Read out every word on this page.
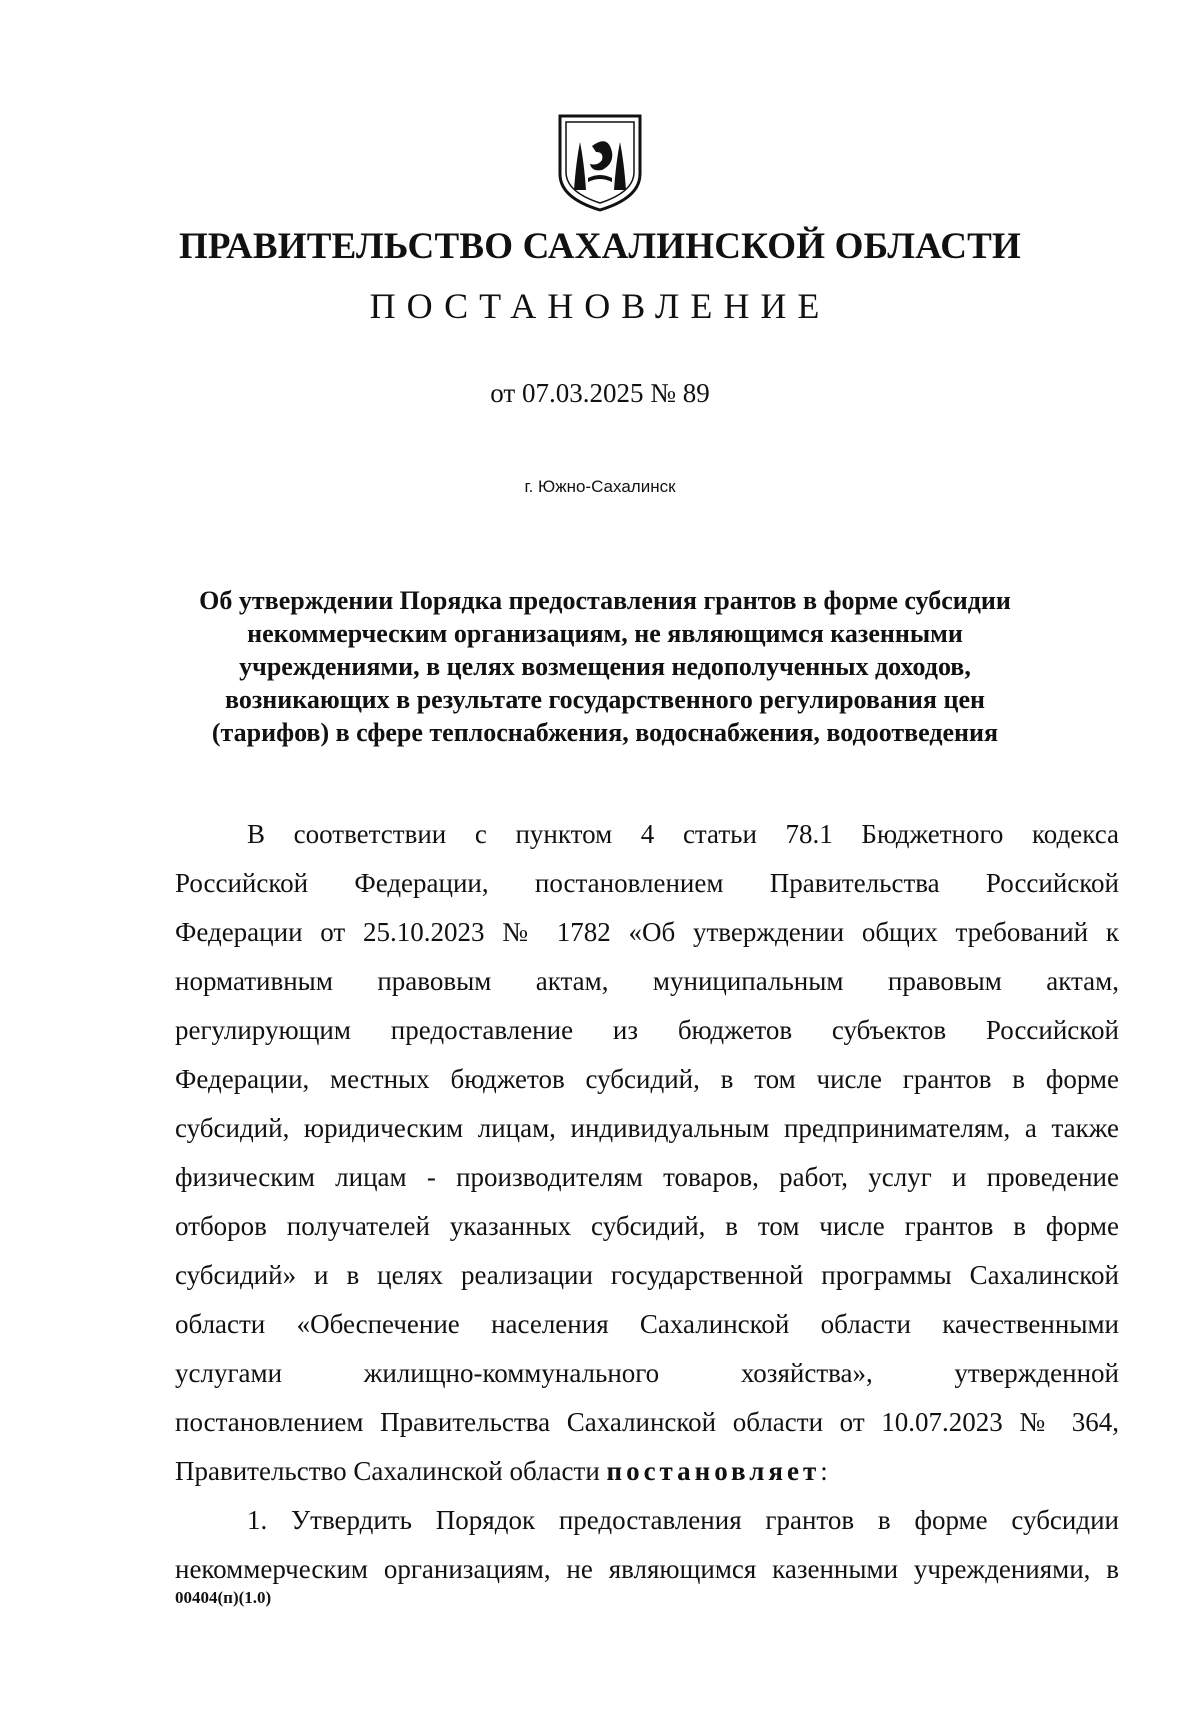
ПРАВИТЕЛЬСТВО САХАЛИНСКОЙ ОБЛАСТИ
ПОСТАНОВЛЕНИЕ
от 07.03.2025 № 89
г. Южно-Сахалинск
Об утверждении Порядка предоставления грантов в форме субсидии
некоммерческим организациям, не являющимся казенными
учреждениями, в целях возмещения недополученных доходов,
возникающих в результате государственного регулирования цен
(тарифов) в сфере теплоснабжения, водоснабжения, водоотведения
В соответствии с пунктом 4 статьи 78.1 Бюджетного кодекса
Российской Федерации, постановлением Правительства Российской
Федерации от 25.10.2023 № 1782 «Об утверждении общих требований к
нормативным правовым актам, муниципальным правовым актам,
регулирующим предоставление из бюджетов субъектов Российской
Федерации, местных бюджетов субсидий, в том числе грантов в форме
субсидий, юридическим лицам, индивидуальным предпринимателям, а также
физическим лицам - производителям товаров, работ, услуг и проведение
отборов получателей указанных субсидий, в том числе грантов в форме
субсидий» и в целях реализации государственной программы Сахалинской
области «Обеспечение населения Сахалинской области качественными
услугами жилищно-коммунального хозяйства», утвержденной
постановлением Правительства Сахалинской области от 10.07.2023 № 364,
Правительство Сахалинской области постановляет:
1. Утвердить Порядок предоставления грантов в форме субсидии
некоммерческим организациям, не являющимся казенными учреждениями, в
00404(п)(1.0)
